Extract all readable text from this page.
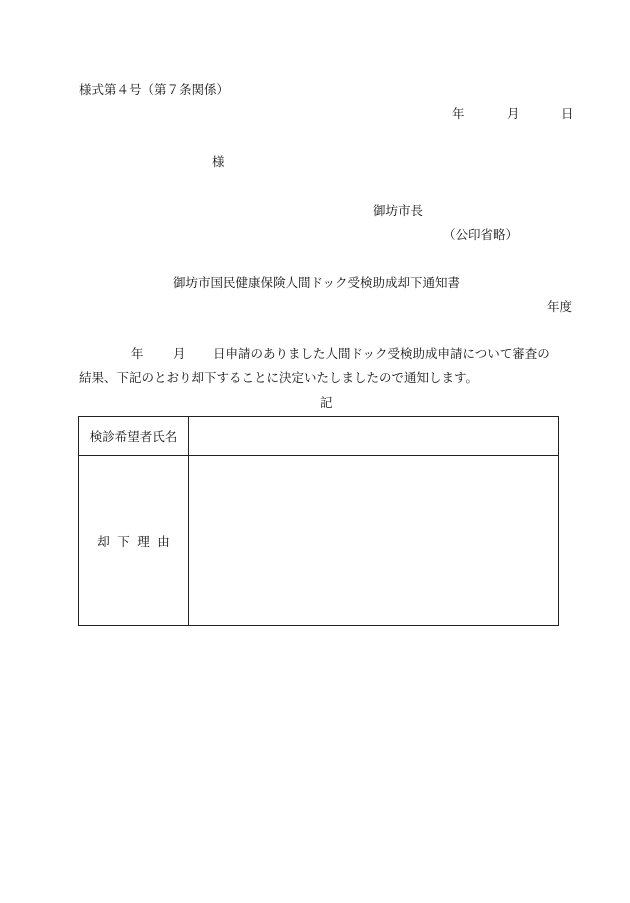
様式第４号（第７条関係）
年	月	日
様
御坊市長
（公印省略）
御坊市国民健康保険人間ドック受検助成却下通知書
年度
年 月 日申請のありました人間ドック受検助成申請について審査の
結果、下記のとおり却下することに決定いたしましたので通知します。
記
検診希望者氏名	
却下理由	
